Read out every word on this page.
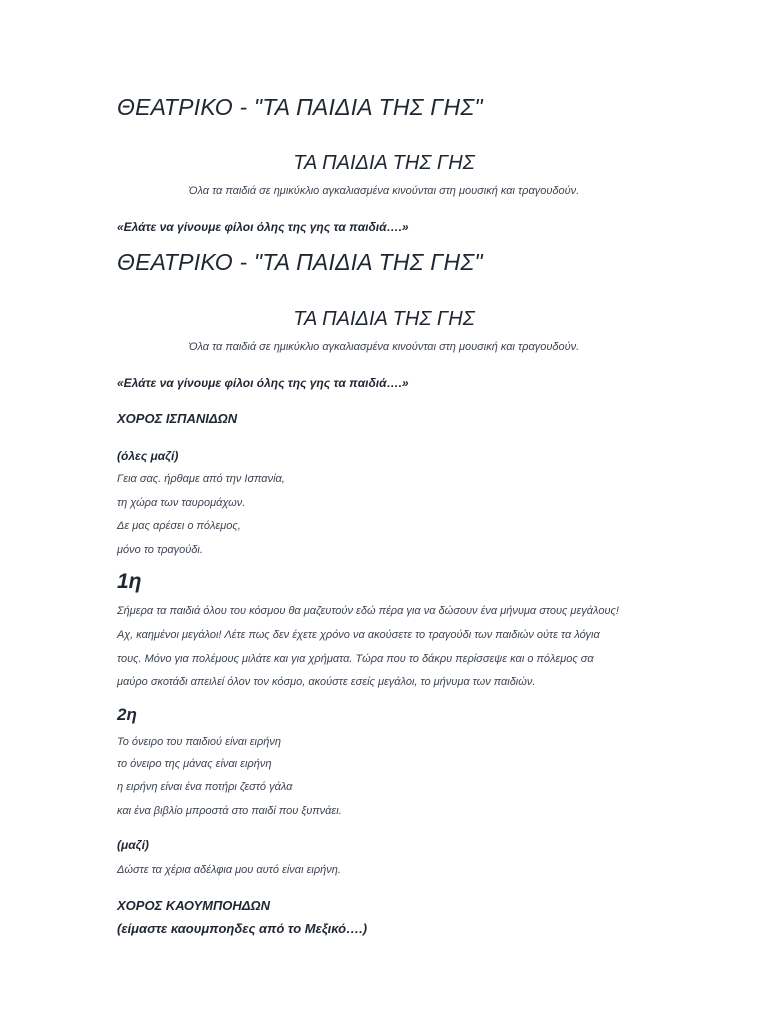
ΘΕΑΤΡΙΚΟ - "ΤΑ ΠΑΙΔΙΑ ΤΗΣ ΓΗΣ"
ΤΑ ΠΑΙΔΙΑ ΤΗΣ ΓΗΣ
Όλα τα παιδιά σε ημικύκλιο αγκαλιασμένα κινούνται στη μουσική και τραγουδούν.
«Ελάτε να γίνουμε φίλοι όλης της γης τα παιδιά….»
ΘΕΑΤΡΙΚΟ - "ΤΑ ΠΑΙΔΙΑ ΤΗΣ ΓΗΣ"
ΤΑ ΠΑΙΔΙΑ ΤΗΣ ΓΗΣ
Όλα τα παιδιά σε ημικύκλιο αγκαλιασμένα κινούνται στη μουσική και τραγουδούν.
«Ελάτε να γίνουμε φίλοι όλης της γης τα παιδιά….»
ΧΟΡΟΣ ΙΣΠΑΝΙΔΩΝ
(όλες μαζί)
Γεια σας. ήρθαμε από την Ισπανία,
τη χώρα των ταυρομάχων.
Δε μας αρέσει ο πόλεμος,
μόνο το τραγούδι.
1η
Σήμερα τα παιδιά όλου του κόσμου θα μαζευτούν εδώ πέρα για να δώσουν ένα μήνυμα στους μεγάλους!
Αχ, καημένοι μεγάλοι! Λέτε πως δεν έχετε χρόνο να ακούσετε το τραγούδι των παιδιών ούτε τα λόγια
τους. Μόνο για πολέμους μιλάτε και για χρήματα. Τώρα που το δάκρυ περίσσεψε και ο πόλεμος σα
μαύρο σκοτάδι απειλεί όλον τον κόσμο, ακούστε εσείς μεγάλοι, το μήνυμα των παιδιών.
2η
Το όνειρο του παιδιού είναι ειρήνη
το όνειρο της μάνας είναι ειρήνη
η ειρήνη είναι ένα ποτήρι ζεστό γάλα
και ένα βιβλίο μπροστά στο παιδί που ξυπνάει.
(μαζί)
Δώστε τα χέρια αδέλφια μου αυτό είναι ειρήνη.
ΧΟΡΟΣ ΚΑΟΥΜΠΟΗΔΩΝ
(είμαστε καουμποηδες από το Μεξικό….)
